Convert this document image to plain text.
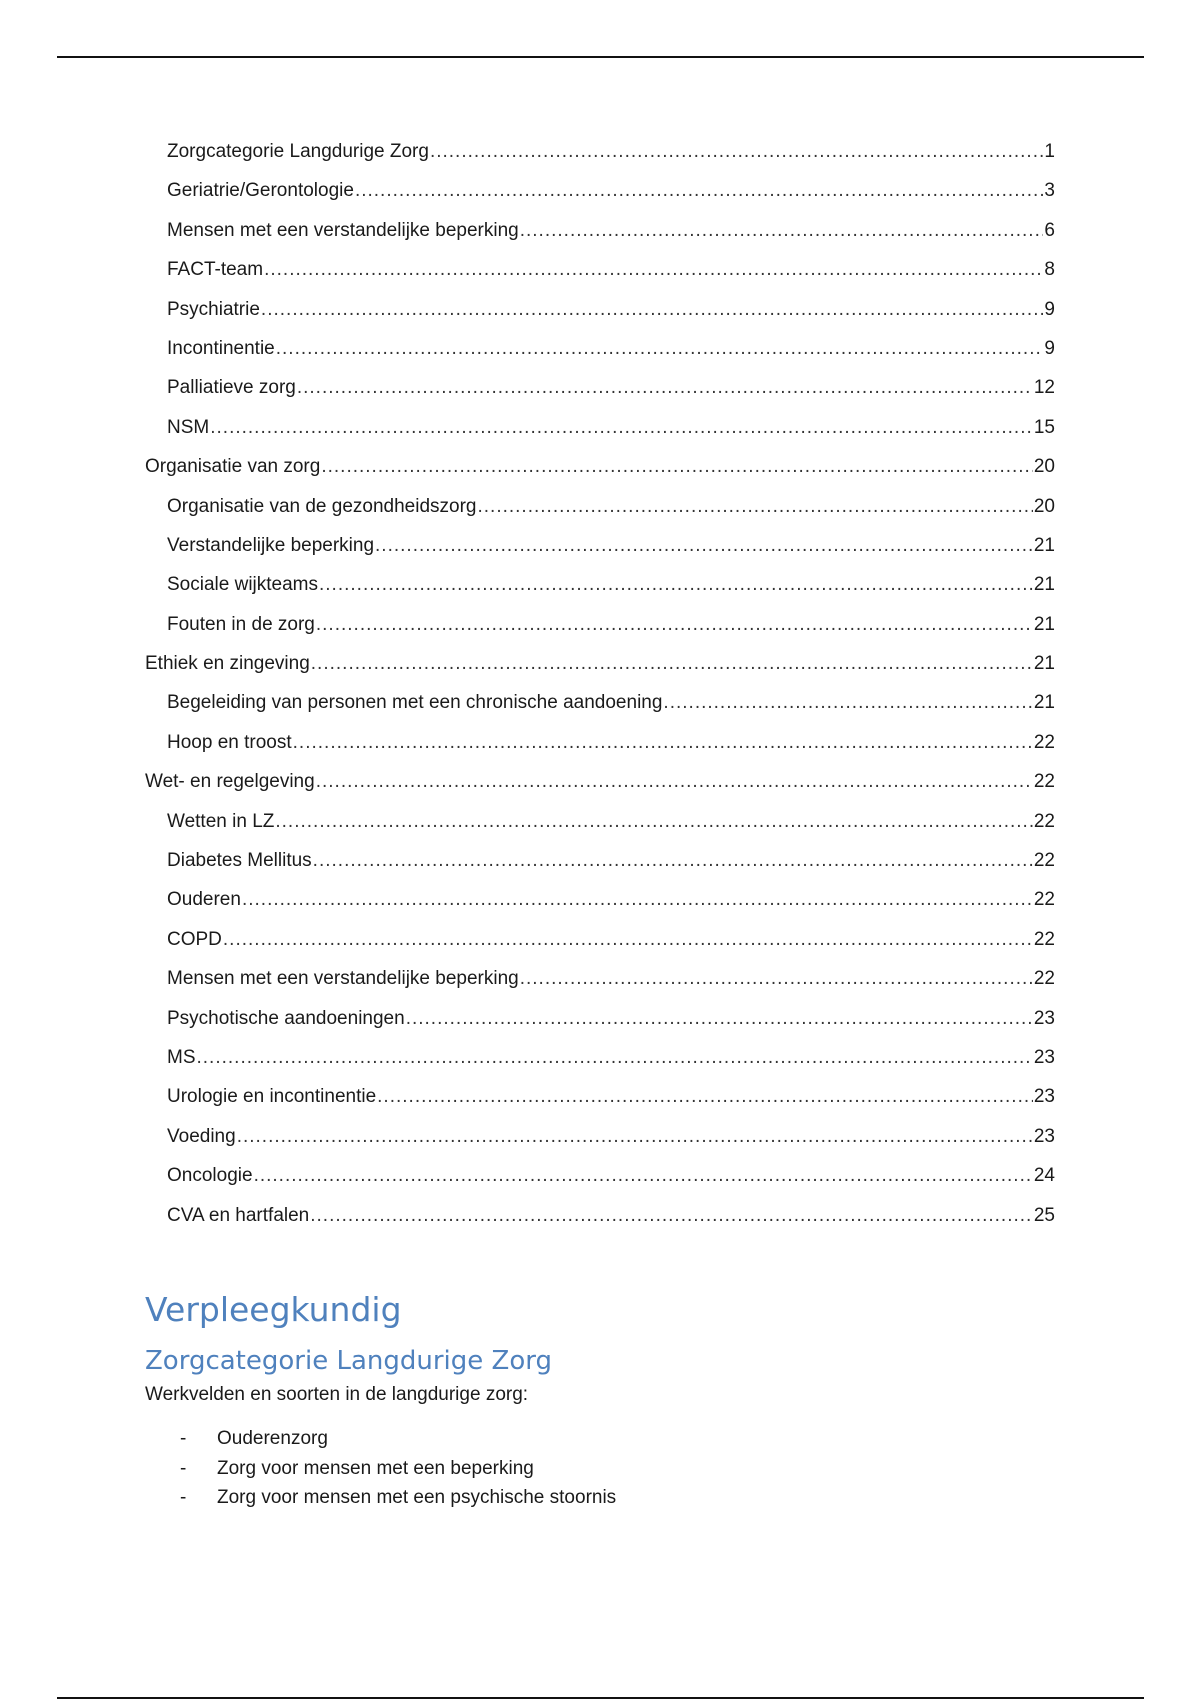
Zorgcategorie Langdurige Zorg .....	1
Geriatrie/Gerontologie .....	3
Mensen met een verstandelijke beperking .....	6
FACT-team .....	8
Psychiatrie .....	9
Incontinentie .....	9
Palliatieve zorg .....	12
NSM .....	15
Organisatie van zorg .....	20
Organisatie van de gezondheidszorg .....	20
Verstandelijke beperking .....	21
Sociale wijkteams .....	21
Fouten in de zorg .....	21
Ethiek en zingeving .....	21
Begeleiding van personen met een chronische aandoening .....	21
Hoop en troost .....	22
Wet- en regelgeving .....	22
Wetten in LZ .....	22
Diabetes Mellitus .....	22
Ouderen .....	22
COPD .....	22
Mensen met een verstandelijke beperking .....	22
Psychotische aandoeningen .....	23
MS .....	23
Urologie en incontinentie .....	23
Voeding .....	23
Oncologie .....	24
CVA en hartfalen .....	25
Verpleegkundig
Zorgcategorie Langdurige Zorg
Werkvelden en soorten in de langdurige zorg:
-	Ouderenzorg
-	Zorg voor mensen met een beperking
-	Zorg voor mensen met een psychische stoornis
